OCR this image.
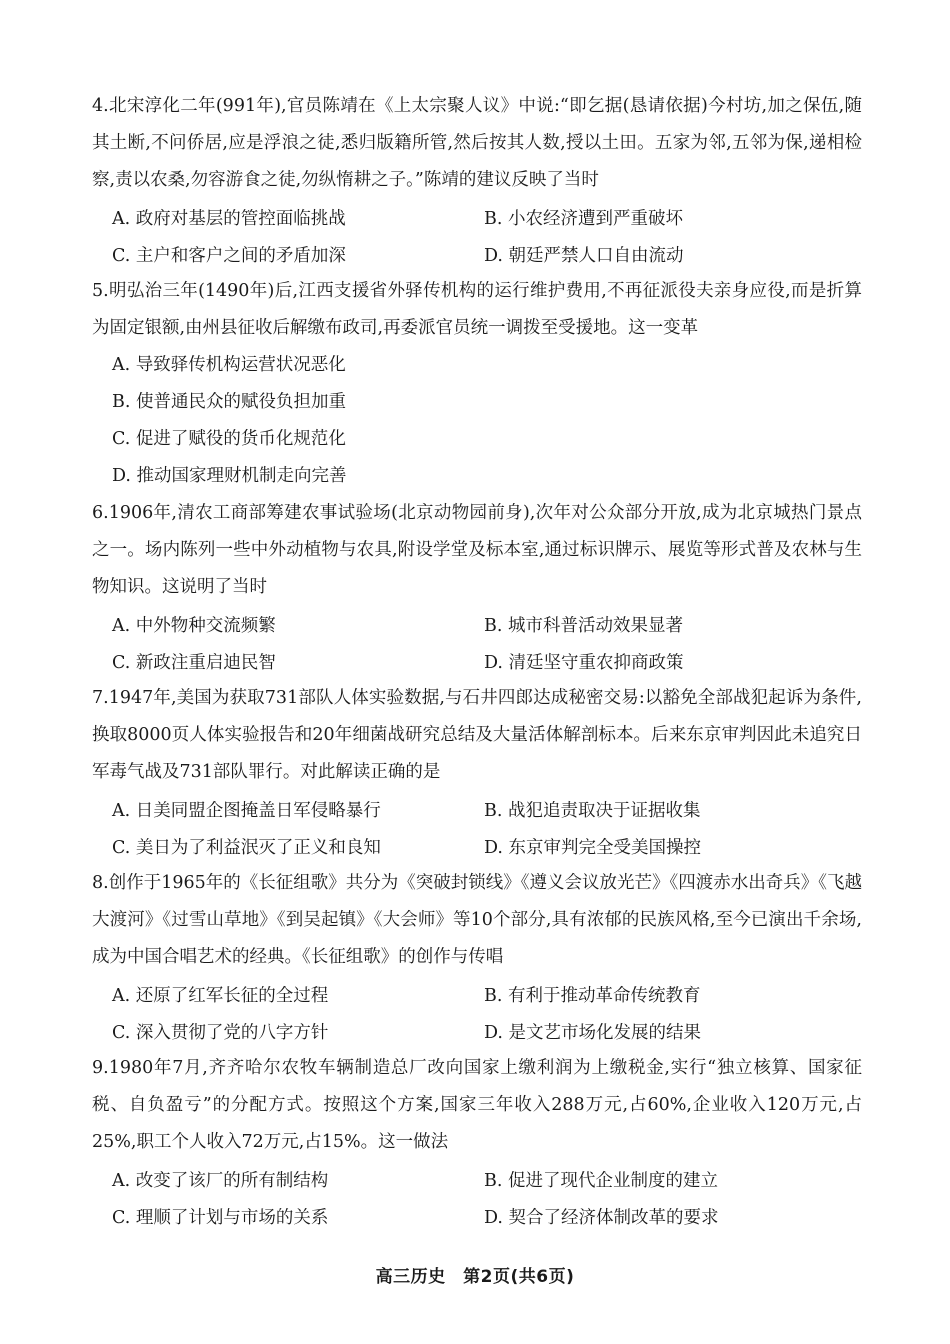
4.北宋淳化二年(991年),官员陈靖在《上太宗聚人议》中说:“即乞据(恳请依据)今村坊,加之保伍,随其土断,不问侨居,应是浮浪之徒,悉归版籍所管,然后按其人数,授以土田。五家为邻,五邻为保,递相检察,责以农桑,勿容游食之徒,勿纵惰耕之子。”陈靖的建议反映了当时

A. 政府对基层的管控面临挑战	B. 小农经济遭到严重破坏
C. 主户和客户之间的矛盾加深	D. 朝廷严禁人口自由流动

5.明弘治三年(1490年)后,江西支援省外驿传机构的运行维护费用,不再征派役夫亲身应役,而是折算为固定银额,由州县征收后解缴布政司,再委派官员统一调拨至受援地。这一变革

A. 导致驿传机构运营状况恶化
B. 使普通民众的赋役负担加重
C. 促进了赋役的货币化规范化
D. 推动国家理财机制走向完善

6.1906年,清农工商部筹建农事试验场(北京动物园前身),次年对公众部分开放,成为北京城热门景点之一。场内陈列一些中外动植物与农具,附设学堂及标本室,通过标识牌示、展览等形式普及农林与生物知识。这说明了当时

A. 中外物种交流频繁	B. 城市科普活动效果显著
C. 新政注重启迪民智	D. 清廷坚守重农抑商政策

7.1947年,美国为获取731部队人体实验数据,与石井四郎达成秘密交易:以豁免全部战犯起诉为条件,换取8000页人体实验报告和20年细菌战研究总结及大量活体解剖标本。后来东京审判因此未追究日军毒气战及731部队罪行。对此解读正确的是

A. 日美同盟企图掩盖日军侵略暴行	B. 战犯追责取决于证据收集
C. 美日为了利益泯灭了正义和良知	D. 东京审判完全受美国操控

8.创作于1965年的《长征组歌》共分为《突破封锁线》《遵义会议放光芒》《四渡赤水出奇兵》《飞越大渡河》《过雪山草地》《到吴起镇》《大会师》等10个部分,具有浓郁的民族风格,至今已演出千余场,成为中国合唱艺术的经典。《长征组歌》的创作与传唱

A. 还原了红军长征的全过程	B. 有利于推动革命传统教育
C. 深入贯彻了党的八字方针	D. 是文艺市场化发展的结果

9.1980年7月,齐齐哈尔农牧车辆制造总厂改向国家上缴利润为上缴税金,实行“独立核算、国家征税、自负盈亏”的分配方式。按照这个方案,国家三年收入288万元,占60%,企业收入120万元,占25%,职工个人收入72万元,占15%。这一做法

A. 改变了该厂的所有制结构	B. 促进了现代企业制度的建立
C. 理顺了计划与市场的关系	D. 契合了经济体制改革的要求
高三历史　第2页(共6页)
